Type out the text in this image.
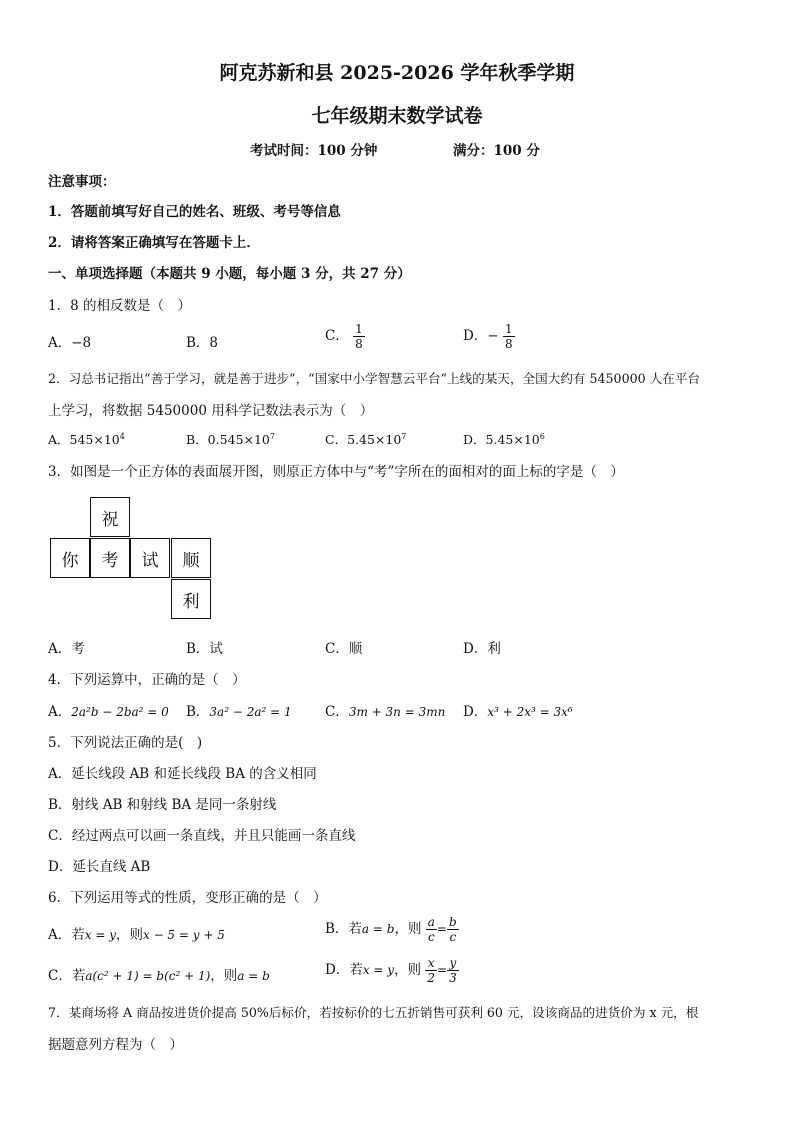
阿克苏新和县 2025-2026 学年秋季学期
七年级期末数学试卷
考试时间：100 分钟	满分：100 分
注意事项：
1．答题前填写好自己的姓名、班级、考号等信息
2．请将答案正确填写在答题卡上．
一、单项选择题（本题共 9 小题，每小题 3 分，共 27 分）
1．8 的相反数是（　）
A．−8	B．8	C． $\frac{1}{8}$	D．− $\frac{1}{8}$
2．习总书记指出“善于学习，就是善于进步”，“国家中小学智慧云平台”上线的某天，全国大约有 5450000 人在平台
上学习，将数据 5450000 用科学记数法表示为（　）
A．$545\times 10^4$	B．$0.545\times 10^7$	C．$5.45\times 10^7$	D．$5.45\times 10^6$
3．如图是一个正方体的表面展开图，则原正方体中与“考”字所在的面相对的面上标的字是（　）
祝
你	考	试	顺
利
A．考	B．试	C．顺	D．利
4．下列运算中，正确的是（　）
A．2a²b − 2ba² = 0 B．3a² − 2a² = 1 C．3m + 3n = 3mn D．x³ + 2x³ = 3x⁶
5．下列说法正确的是(　)
A．延长线段 AB 和延长线段 BA 的含义相同
B．射线 AB 和射线 BA 是同一条射线
C．经过两点可以画一条直线，并且只能画一条直线
D．延长直线 AB
6．下列运用等式的性质，变形正确的是（　）
A．若x = y，则x − 5 = y + 5	B．若a = b，则 $\frac{a}{c} = \frac{b}{c}$
C．若a(c² + 1) = b(c² + 1)，则a = b	D．若x = y，则 $\frac{x}{2} = \frac{y}{3}$
7．某商场将 A 商品按进货价提高 50%后标价，若按标价的七五折销售可获利 60 元，设该商品的进货价为 x 元，根
据题意列方程为（　）
